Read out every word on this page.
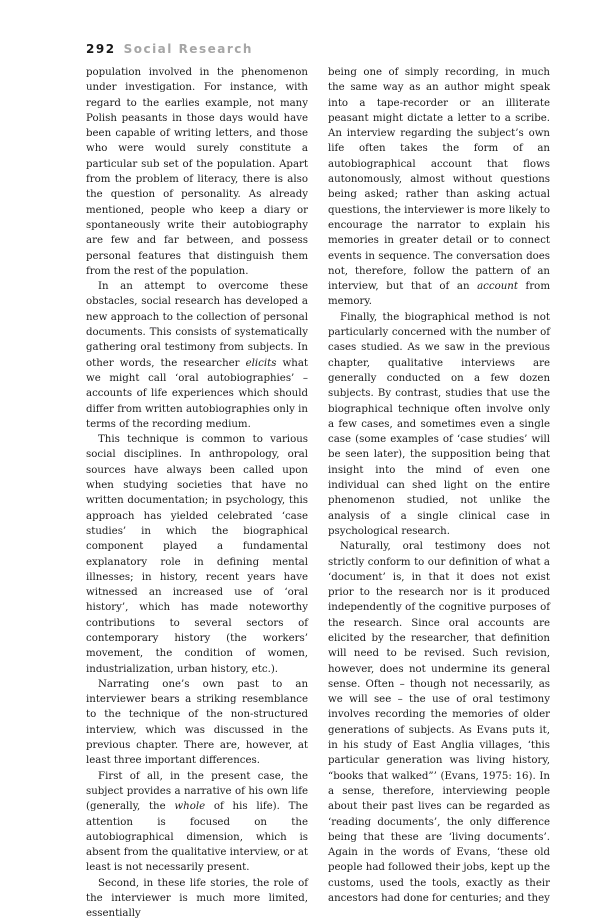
292 Social Research

population involved in the phenomenon under investigation. For instance, with regard to the earlies example, not many Polish peasants in those days would have been capable of writing letters, and those who were would surely constitute a particular sub set of the population. Apart from the problem of literacy, there is also the question of personality. As already mentioned, people who keep a diary or spontaneously write their autobiography are few and far between, and possess personal features that distinguish them from the rest of the population.

In an attempt to overcome these obstacles, social research has developed a new approach to the collection of personal documents. This consists of systematically gathering oral testimony from subjects. In other words, the researcher elicits what we might call ‘oral autobiographies’ – accounts of life experiences which should differ from written autobiographies only in terms of the recording medium.

This technique is common to various social disciplines. In anthropology, oral sources have always been called upon when studying societies that have no written documentation; in psychology, this approach has yielded celebrated ‘case studies’ in which the biographical component played a fundamental explanatory role in defining mental illnesses; in history, recent years have witnessed an increased use of ‘oral history’, which has made noteworthy contributions to several sectors of contemporary history (the workers’ movement, the condition of women, industrialization, urban history, etc.).

Narrating one’s own past to an interviewer bears a striking resemblance to the technique of the non-structured interview, which was discussed in the previous chapter. There are, however, at least three important differences.

First of all, in the present case, the subject provides a narrative of his own life (generally, the whole of his life). The attention is focused on the autobiographical dimension, which is absent from the qualitative interview, or at least is not necessarily present.

Second, in these life stories, the role of the interviewer is much more limited, essentially

being one of simply recording, in much the same way as an author might speak into a tape-recorder or an illiterate peasant might dictate a letter to a scribe. An interview regarding the subject’s own life often takes the form of an autobiographical account that flows autonomously, almost without questions being asked; rather than asking actual questions, the interviewer is more likely to encourage the narrator to explain his memories in greater detail or to connect events in sequence. The conversation does not, therefore, follow the pattern of an interview, but that of an account from memory.

Finally, the biographical method is not particularly concerned with the number of cases studied. As we saw in the previous chapter, qualitative interviews are generally conducted on a few dozen subjects. By contrast, studies that use the biographical technique often involve only a few cases, and sometimes even a single case (some examples of ‘case studies’ will be seen later), the supposition being that insight into the mind of even one individual can shed light on the entire phenomenon studied, not unlike the analysis of a single clinical case in psychological research.

Naturally, oral testimony does not strictly conform to our definition of what a ‘document’ is, in that it does not exist prior to the research nor is it produced independently of the cognitive purposes of the research. Since oral accounts are elicited by the researcher, that definition will need to be revised. Such revision, however, does not undermine its general sense. Often – though not necessarily, as we will see – the use of oral testimony involves recording the memories of older generations of subjects. As Evans puts it, in his study of East Anglia villages, ‘this particular generation was living history, “books that walked”’ (Evans, 1975: 16). In a sense, therefore, interviewing people about their past lives can be regarded as ‘reading documents’, the only difference being that these are ‘living documents’. Again in the words of Evans, ‘these old people had followed their jobs, kept up the customs, used the tools, exactly as their ancestors had done for centuries; and they
